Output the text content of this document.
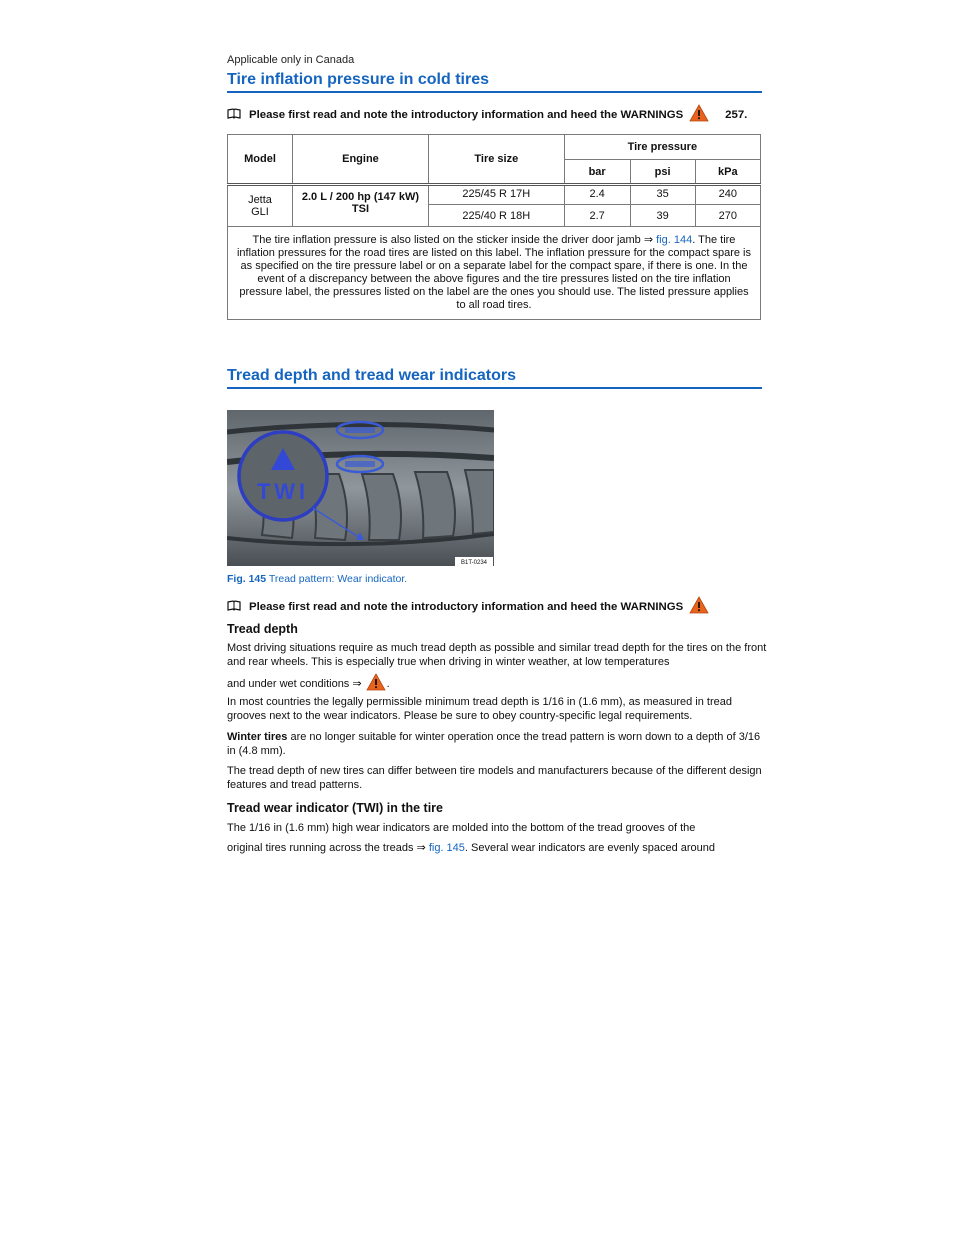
Applicable only in Canada
Tire inflation pressure in cold tires
Please first read and note the introductory information and heed the WARNINGS	257.
Model	Engine	Tire size	Tire pressure		
			bar	psi	kPa
Jetta GLI	2.0 L / 200 hp (147 kW) TSI	225/45 R 17H	2.4	35	240
		225/40 R 18H	2.7	39	270
The tire inflation pressure is also listed on the sticker inside the driver door jamb ⇒ fig. 144. The tire inflation pressures for the road tires are listed on this label. The inflation pressure for the compact spare is as specified on the tire pressure label or on a separate label for the compact spare, if there is one. In the event of a discrepancy between the above figures and the tire pressures listed on the tire inflation pressure label, the pressures listed on the label are the ones you should use. The listed pressure applies to all road tires.					
Tread depth and tread wear indicators
TWI
B1T-0234
Fig. 145 Tread pattern: Wear indicator.
Please first read and note the introductory information and heed the WARNINGS
Tread depth
Most driving situations require as much tread depth as possible and similar tread depth for the tires on the front and rear wheels. This is especially true when driving in winter weather, at low temperatures
and under wet conditions ⇒ .
In most countries the legally permissible minimum tread depth is 1/16 in (1.6 mm), as measured in tread grooves next to the wear indicators. Please be sure to obey country-specific legal requirements.
Winter tires are no longer suitable for winter operation once the tread pattern is worn down to a depth of 3/16 in (4.8 mm).
The tread depth of new tires can differ between tire models and manufacturers because of the different design features and tread patterns.
Tread wear indicator (TWI) in the tire
The 1/16 in (1.6 mm) high wear indicators are molded into the bottom of the tread grooves of the
original tires running across the treads ⇒ fig. 145. Several wear indicators are evenly spaced around
